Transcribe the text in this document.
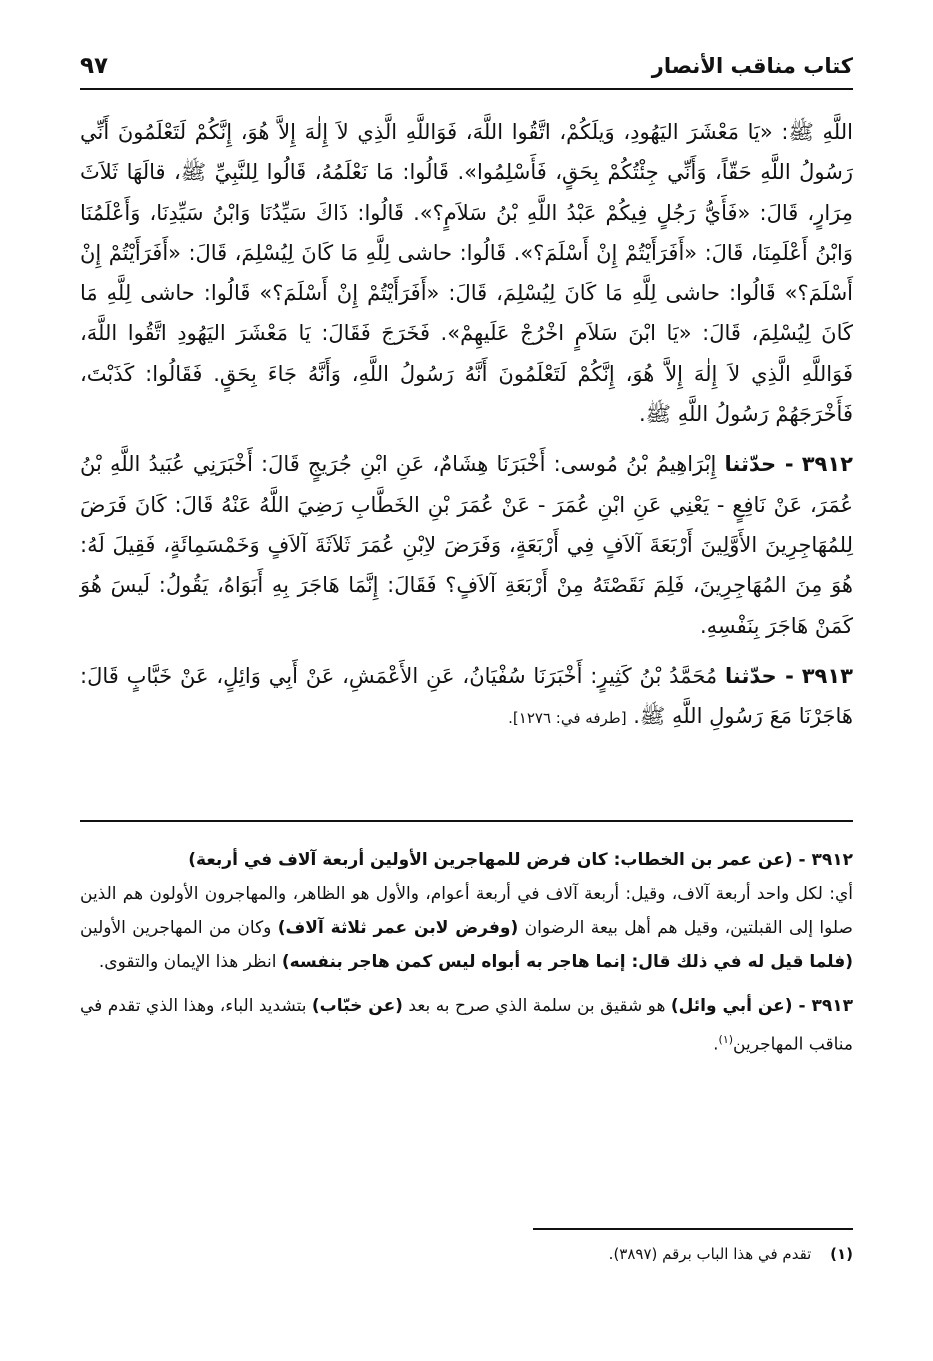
كتاب مناقب الأنصار
٩٧

اللَّهِ ﷺ: «يَا مَعْشَرَ اليَهُودِ، وَيلَكُمْ، اتَّقُوا اللَّهَ، فَوَاللَّهِ الَّذِي لاَ إِلٰهَ إِلاَّ هُوَ، إِنَّكُمْ لَتَعْلَمُونَ أَنِّي رَسُولُ اللَّهِ حَقّاً، وَأَنِّي جِئْتُكُمْ بِحَقٍ، فَأَسْلِمُوا». قَالُوا: مَا نَعْلَمُهُ، قَالُوا لِلنَّبِيِّ ﷺ، قالَهَا ثَلاَثَ مِرَارٍ، قَالَ: «فَأَيُّ رَجُلٍ فِيكُمْ عَبْدُ اللَّهِ بْنُ سَلاَمٍ؟». قَالُوا: ذَاكَ سَيِّدُنَا وَابْنُ سَيِّدِنَا، وَأَعْلَمُنَا وَابْنُ أَعْلَمِنَا، قَالَ: «أَفَرَأَيْتُمْ إِنْ أَسْلَمَ؟». قَالُوا: حاشى لِلَّهِ مَا كَانَ لِيُسْلِمَ، قَالَ: «أَفَرَأَيْتُمْ إِنْ أَسْلَمَ؟» قَالُوا: حاشى لِلَّهِ مَا كَانَ لِيُسْلِمَ، قَالَ: «أَفَرَأَيْتُمْ إِنْ أَسْلَمَ؟» قَالُوا: حاشى لِلَّهِ مَا كَانَ لِيُسْلِمَ، قَالَ: «يَا ابْنَ سَلاَمٍ اخْرُجْ عَلَيهِمْ». فَخَرَجَ فَقَالَ: يَا مَعْشَرَ اليَهُودِ اتَّقُوا اللَّهَ، فَوَاللَّهِ الَّذِي لاَ إِلٰهَ إِلاَّ هُوَ، إِنَّكُمْ لَتَعْلَمُونَ أَنَّهُ رَسُولُ اللَّهِ، وَأَنَّهُ جَاءَ بِحَقٍ. فَقَالُوا: كَذَبْتَ، فَأَخْرَجَهُمْ رَسُولُ اللَّهِ ﷺ.

٣٩١٢ - حدّثنا إِبْرَاهِيمُ بْنُ مُوسى: أَخْبَرَنَا هِشَامٌ، عَنِ ابْنِ جُرَيجٍ قَالَ: أَخْبَرَنِي عُبَيدُ اللَّهِ بْنُ عُمَرَ، عَنْ نَافِعٍ - يَعْنِي عَنِ ابْنِ عُمَرَ - عَنْ عُمَرَ بْنِ الخَطَّابِ رَضِيَ اللَّهُ عَنْهُ قَالَ: كَانَ فَرَضَ لِلمُهَاجِرِينَ الأَوَّلِينَ أَرْبَعَةَ آلاَفٍ فِي أَرْبَعَةٍ، وَفَرَضَ لاِبْنِ عُمَرَ ثَلاَثَةَ آلاَفٍ وَخَمْسَمِائَةٍ، فَقِيلَ لَهُ: هُوَ مِنَ المُهَاجِرِينَ، فَلِمَ نَقَصْتَهُ مِنْ أَرْبَعَةِ آلاَفٍ؟ فَقَالَ: إِنَّمَا هَاجَرَ بِهِ أَبَوَاهُ، يَقُولُ: لَيسَ هُوَ كَمَنْ هَاجَرَ بِنَفْسِهِ.

٣٩١٣ - حدّثنا مُحَمَّدُ بْنُ كَثِيرٍ: أَخْبَرَنَا سُفْيَانُ، عَنِ الأَعْمَشِ، عَنْ أَبِي وَائِلٍ، عَنْ خَبَّابٍ قَالَ: هَاجَرْنَا مَعَ رَسُولِ اللَّهِ ﷺ. [طرفه في: ١٢٧٦].

٣٩١٢ - (عن عمر بن الخطاب: كان فرض للمهاجرين الأولين أربعة آلاف في أربعة)
أي: لكل واحد أربعة آلاف، وقيل: أربعة آلاف في أربعة أعوام، والأول هو الظاهر، والمهاجرون الأولون هم الذين صلوا إلى القبلتين، وقيل هم أهل بيعة الرضوان (وفرض لابن عمر ثلاثة آلاف) وكان من المهاجرين الأولين (فلما قيل له في ذلك قال: إنما هاجر به أبواه ليس كمن هاجر بنفسه) انظر هذا الإيمان والتقوى.

٣٩١٣ - (عن أبي وائل) هو شقيق بن سلمة الذي صرح به بعد (عن خبّاب) بتشديد الباء، وهذا الذي تقدم في مناقب المهاجرين$^{(١)}$.

(١) تقدم في هذا الباب برقم (٣٨٩٧).
